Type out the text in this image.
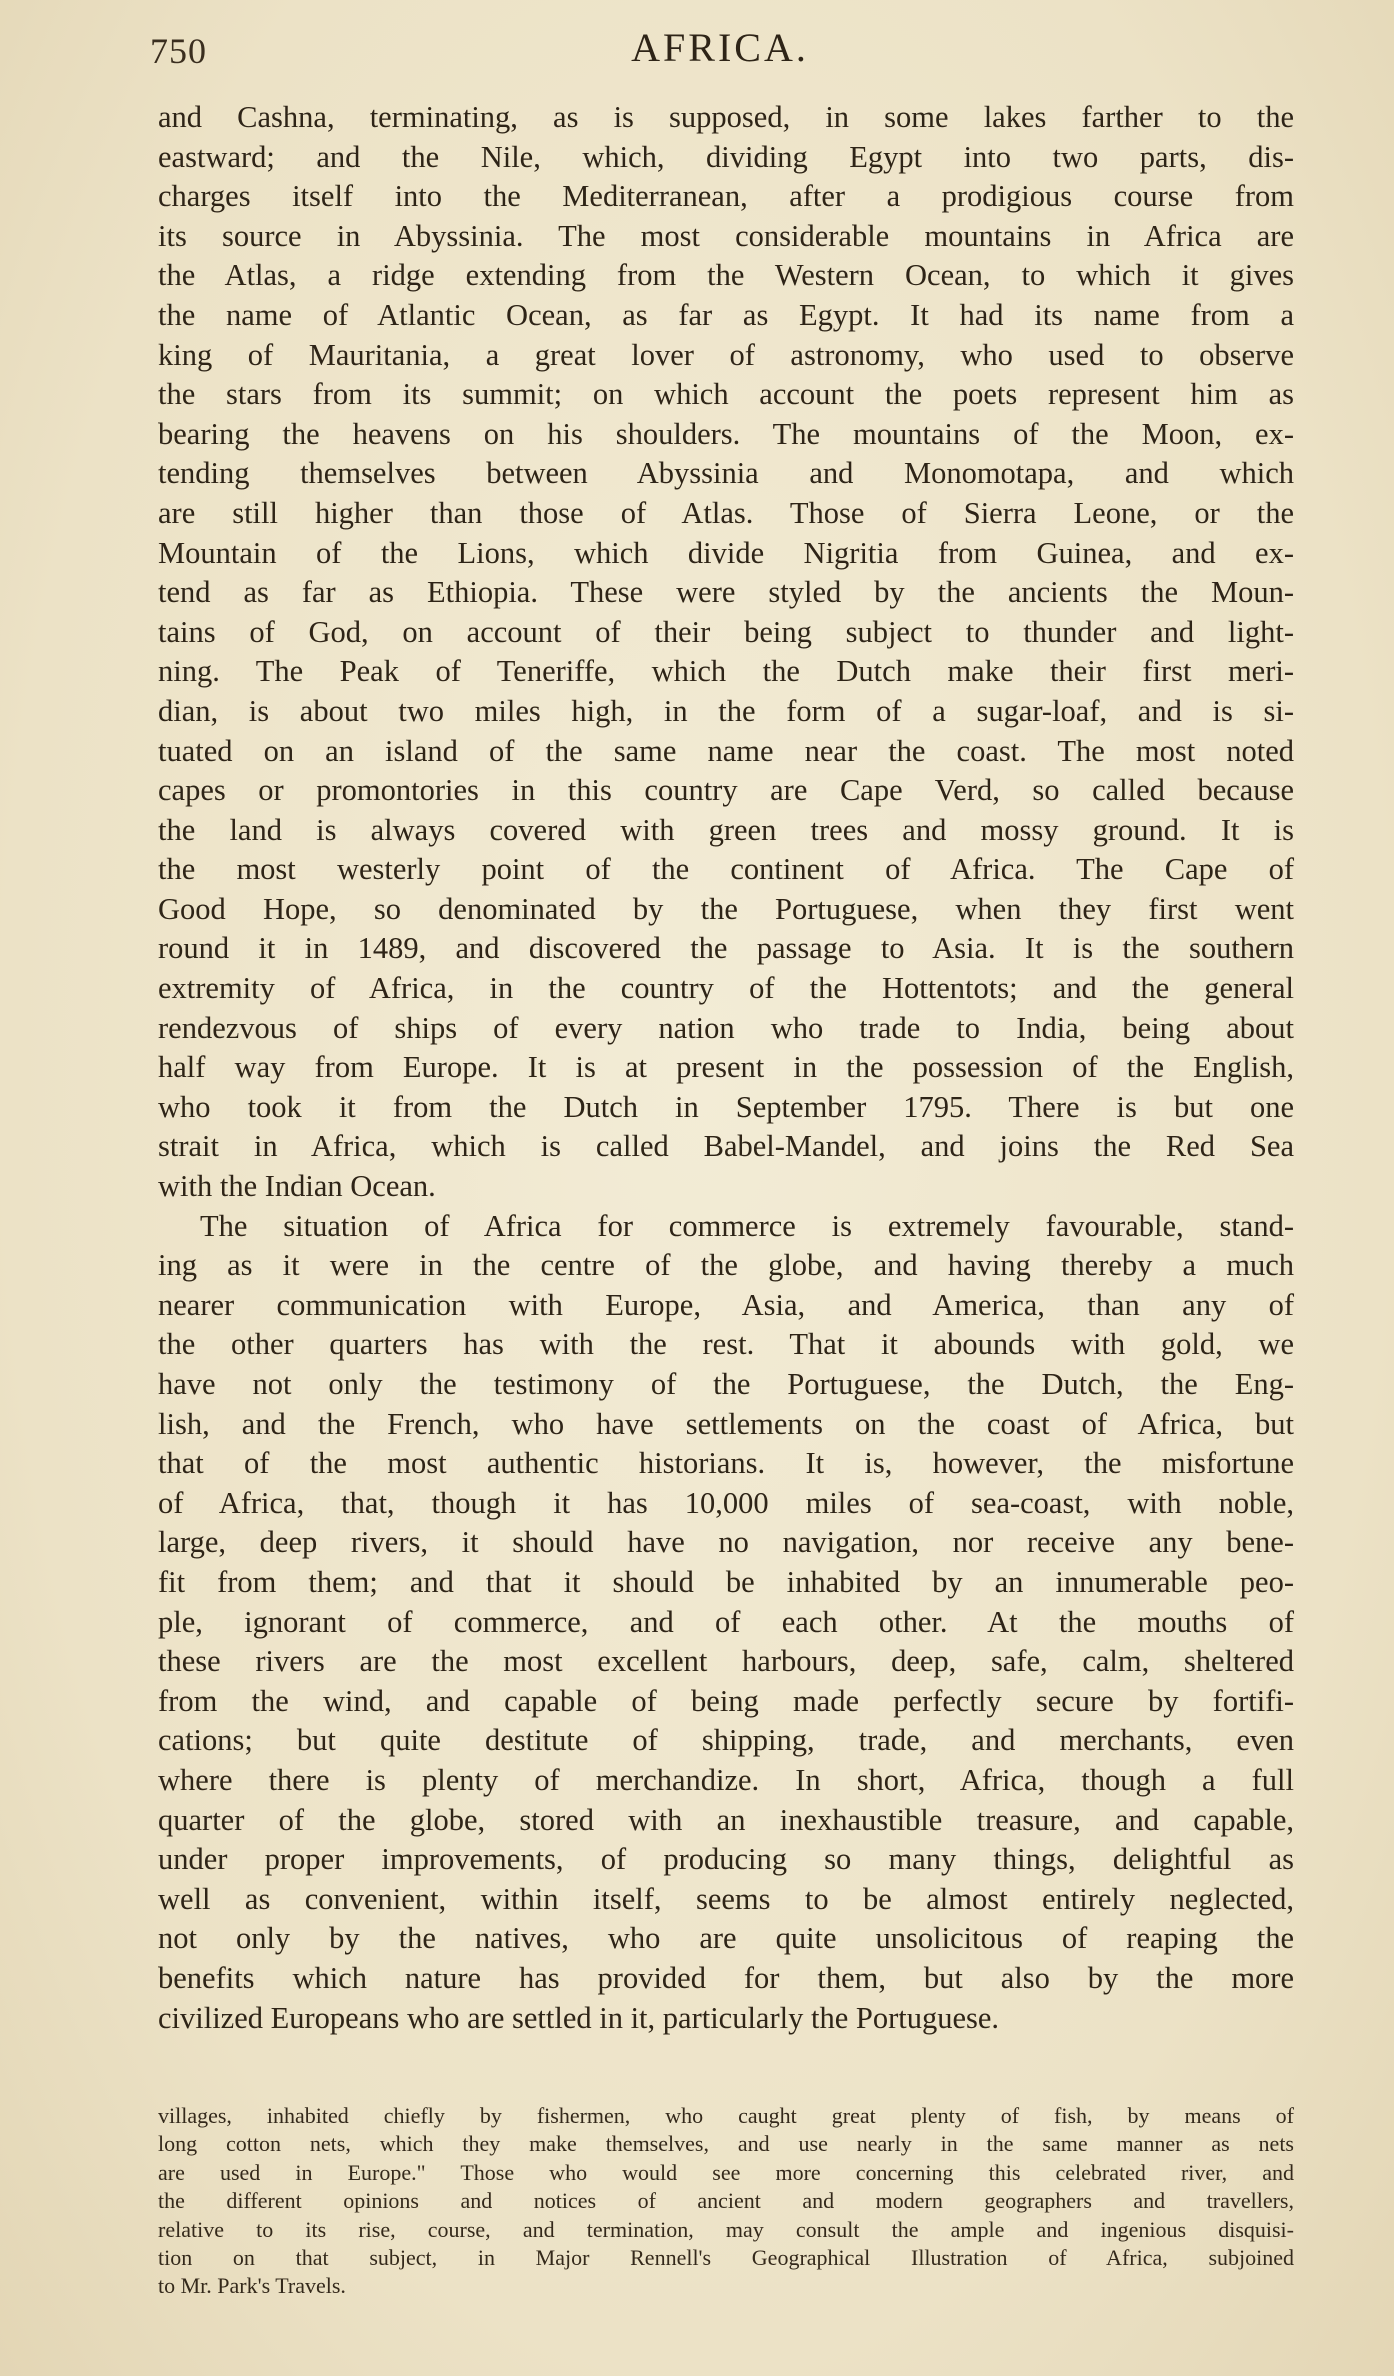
750	AFRICA.
and Cashna, terminating, as is supposed, in some lakes farther to the
eastward; and the Nile, which, dividing Egypt into two parts, dis-
charges itself into the Mediterranean, after a prodigious course from
its source in Abyssinia. The most considerable mountains in Africa are
the Atlas, a ridge extending from the Western Ocean, to which it gives
the name of Atlantic Ocean, as far as Egypt. It had its name from a
king of Mauritania, a great lover of astronomy, who used to observe
the stars from its summit; on which account the poets represent him as
bearing the heavens on his shoulders. The mountains of the Moon, ex-
tending themselves between Abyssinia and Monomotapa, and which
are still higher than those of Atlas. Those of Sierra Leone, or the
Mountain of the Lions, which divide Nigritia from Guinea, and ex-
tend as far as Ethiopia. These were styled by the ancients the Moun-
tains of God, on account of their being subject to thunder and light-
ning. The Peak of Teneriffe, which the Dutch make their first meri-
dian, is about two miles high, in the form of a sugar-loaf, and is si-
tuated on an island of the same name near the coast. The most noted
capes or promontories in this country are Cape Verd, so called because
the land is always covered with green trees and mossy ground. It is
the most westerly point of the continent of Africa. The Cape of
Good Hope, so denominated by the Portuguese, when they first went
round it in 1489, and discovered the passage to Asia. It is the southern
extremity of Africa, in the country of the Hottentots; and the general
rendezvous of ships of every nation who trade to India, being about
half way from Europe. It is at present in the possession of the English,
who took it from the Dutch in September 1795. There is but one
strait in Africa, which is called Babel-Mandel, and joins the Red Sea
with the Indian Ocean.
The situation of Africa for commerce is extremely favourable, stand-
ing as it were in the centre of the globe, and having thereby a much
nearer communication with Europe, Asia, and America, than any of
the other quarters has with the rest. That it abounds with gold, we
have not only the testimony of the Portuguese, the Dutch, the Eng-
lish, and the French, who have settlements on the coast of Africa, but
that of the most authentic historians. It is, however, the misfortune
of Africa, that, though it has 10,000 miles of sea-coast, with noble,
large, deep rivers, it should have no navigation, nor receive any bene-
fit from them; and that it should be inhabited by an innumerable peo-
ple, ignorant of commerce, and of each other. At the mouths of
these rivers are the most excellent harbours, deep, safe, calm, sheltered
from the wind, and capable of being made perfectly secure by fortifi-
cations; but quite destitute of shipping, trade, and merchants, even
where there is plenty of merchandize. In short, Africa, though a full
quarter of the globe, stored with an inexhaustible treasure, and capable,
under proper improvements, of producing so many things, delightful as
well as convenient, within itself, seems to be almost entirely neglected,
not only by the natives, who are quite unsolicitous of reaping the
benefits which nature has provided for them, but also by the more
civilized Europeans who are settled in it, particularly the Portuguese.
villages, inhabited chiefly by fishermen, who caught great plenty of fish, by means of
long cotton nets, which they make themselves, and use nearly in the same manner as nets
are used in Europe." Those who would see more concerning this celebrated river, and
the different opinions and notices of ancient and modern geographers and travellers,
relative to its rise, course, and termination, may consult the ample and ingenious disquisi-
tion on that subject, in Major Rennell's Geographical Illustration of Africa, subjoined
to Mr. Park's Travels.
